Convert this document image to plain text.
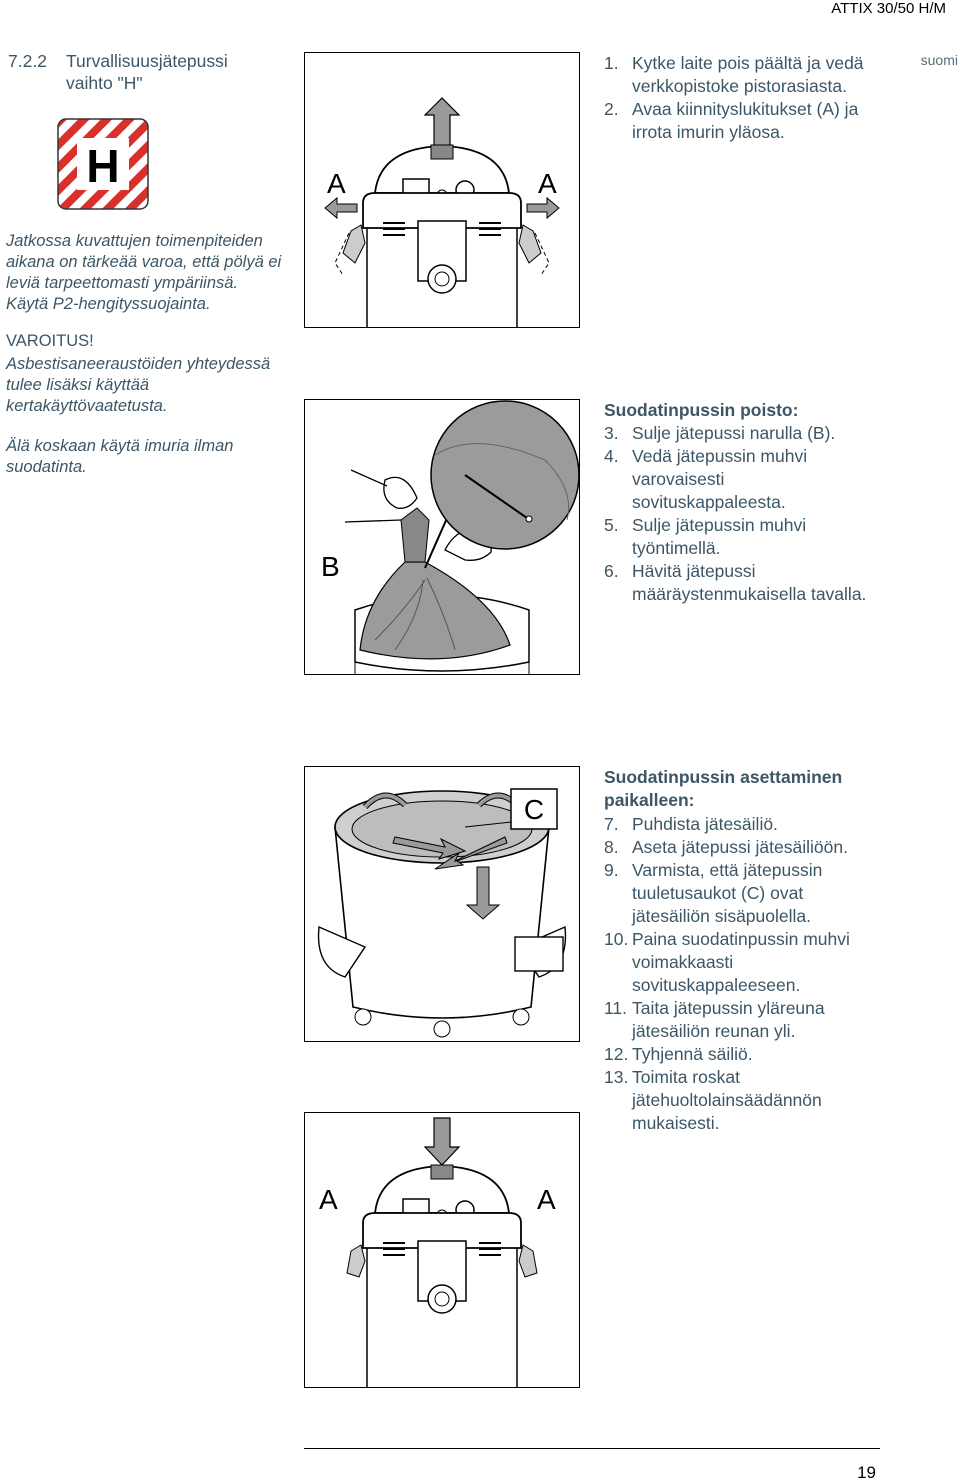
ATTIX 30/50 H/M
suomi
7.2.2 Turvallisuusjätepussi
vaihto "H"
H
Jatkossa kuvattujen toimenpiteiden aikana on tärkeää varoa, että pölyä ei leviä tarpeettomasti ympäriinsä. Käytä P2-hengityssuojainta.
VAROITUS!
Asbestisaneeraustöiden yhteydessä tulee lisäksi käyttää kertakäyttövaatetusta.
Älä koskaan käytä imuria ilman suodatinta.
1. Kytke laite pois päältä ja vedä verkkopistoke pistorasiasta.
2. Avaa kiinnityslukitukset (A) ja irrota imurin yläosa.
Suodatinpussin poisto:
3. Sulje jätepussi narulla (B).
4. Vedä jätepussin muhvi varovaisesti sovituskappaleesta.
5. Sulje jätepussin muhvi työntimellä.
6. Hävitä jätepussi määräystenmukaisella tavalla.
Suodatinpussin asettaminen paikalleen:
7. Puhdista jätesäiliö.
8. Aseta jätepussi jätesäiliöön.
9. Varmista, että jätepussin tuuletusaukot (C) ovat jätesäiliön sisäpuolella.
10. Paina suodatinpussin muhvi voimakkaasti sovituskappaleeseen.
11. Taita jätepussin yläreuna jätesäiliön reunan yli.
12. Tyhjennä säiliö.
13. Toimita roskat jätehuoltolainsäädännön mukaisesti.
A	A
B
C
A	A
19
